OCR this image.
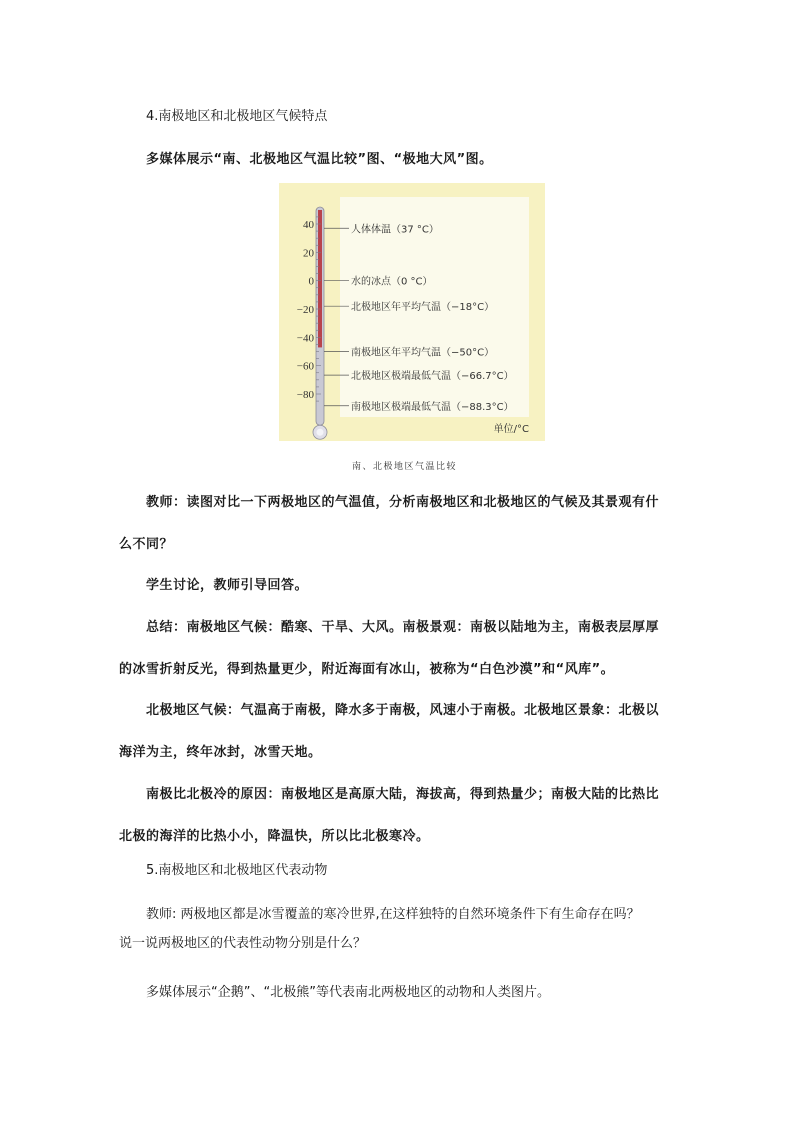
4.南极地区和北极地区气候特点
多媒体展示“南、北极地区气温比较”图、“极地大风”图。
40
20
0
−20
−40
−60
−80
人体体温（37 °C）
水的冰点（0 °C）
北极地区年平均气温（−18°C）
南极地区年平均气温（−50°C）
北极地区极端最低气温（−66.7°C）
南极地区极端最低气温（−88.3°C）
单位/°C
南、北极地区气温比较
教师：读图对比一下两极地区的气温值，分析南极地区和北极地区的气候及其景观有什
么不同？
学生讨论，教师引导回答。
总结：南极地区气候：酷寒、干旱、大风。南极景观：南极以陆地为主，南极表层厚厚
的冰雪折射反光，得到热量更少，附近海面有冰山，被称为“白色沙漠”和“风库”。
北极地区气候：气温高于南极，降水多于南极，风速小于南极。北极地区景象：北极以
海洋为主，终年冰封，冰雪天地。
南极比北极冷的原因：南极地区是高原大陆，海拔高，得到热量少；南极大陆的比热比
北极的海洋的比热小小，降温快，所以比北极寒冷。
5.南极地区和北极地区代表动物
教师: 两极地区都是冰雪覆盖的寒冷世界,在这样独特的自然环境条件下有生命存在吗？
说一说两极地区的代表性动物分别是什么？
多媒体展示“企鹅”、“北极熊”等代表南北两极地区的动物和人类图片。
